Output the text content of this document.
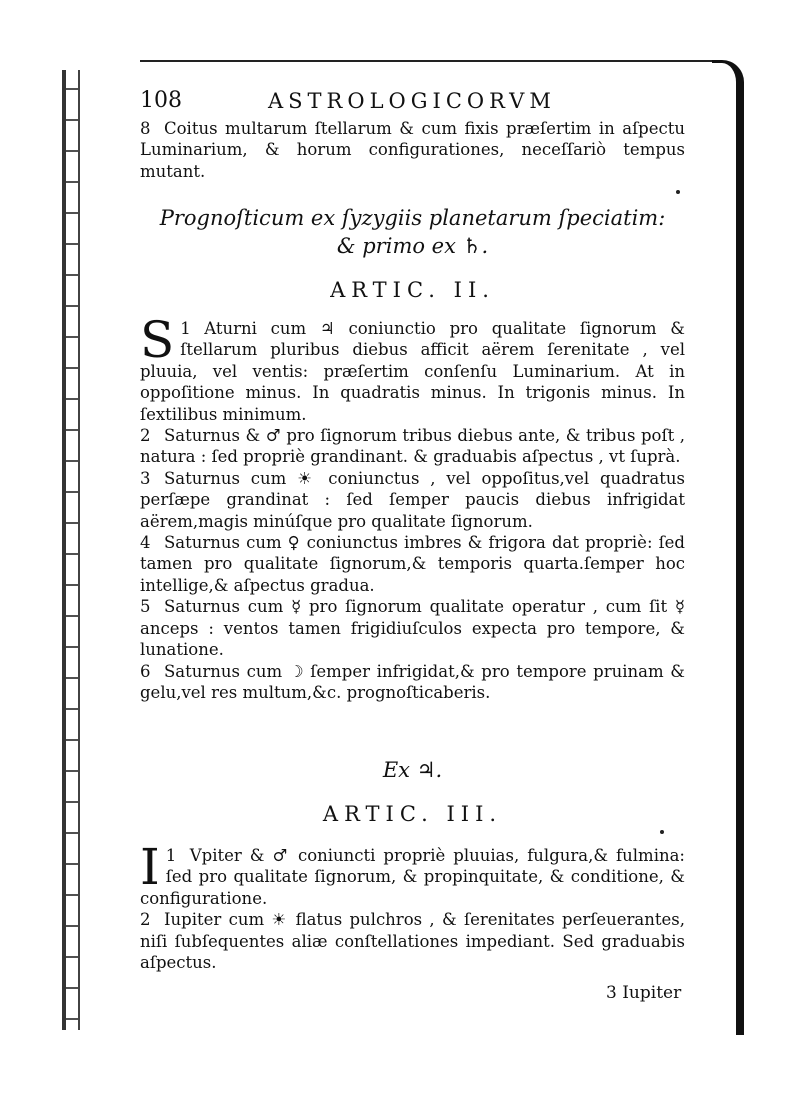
108	ASTROLOGICORVM
8 Coitus multarum ſtellarum & cum fixis præſertim in aſpectu Luminarium, & horum configurationes, neceſſariò tempus mutant.
Prognoſticum ex ſyzygiis planetarum ſpeciatim:
& primo ex ♄.
ARTIC. II.
1
S Aturni cum ♃ coniunctio pro qualitate ſignorum & ſtellarum pluribus diebus afficit aërem ſerenitate , vel pluuia, vel ventis: præſertim conſenſu Luminarium. At in oppoſitione minus. In quadratis minus. In trigonis minus. In ſextilibus minimum.
2 Saturnus & ♂ pro ſignorum tribus diebus ante, & tribus poſt , natura : ſed propriè grandinant. & graduabis aſpectus , vt ſuprà.
3 Saturnus cum ☀ coniunctus , vel oppoſitus,vel quadratus perſæpe grandinat : ſed ſemper paucis diebus infrigidat aërem,magis minúſque pro qualitate ſignorum.
4 Saturnus cum ♀ coniunctus imbres & frigora dat propriè: ſed tamen pro qualitate ſignorum,& temporis quarta.ſemper hoc intellige,& aſpectus gradua.
5 Saturnus cum ☿ pro ſignorum qualitate operatur , cum ſit ☿ anceps : ventos tamen frigidiuſculos expecta pro tempore, & lunatione.
6 Saturnus cum ☽ ſemper infrigidat,& pro tempore pruinam & gelu,vel res multum,&c. prognoſticaberis.
Ex ♃.
ARTIC. III.
1
I Vpiter & ♂ coniuncti propriè pluuias, fulgura,& fulmina: ſed pro qualitate ſignorum, & propinquitate, & conditione, & configuratione.
2 Iupiter cum ☀ flatus pulchros , & ſerenitates perſeuerantes, niſi ſubſequentes aliæ conſtellationes impediant. Sed graduabis aſpectus.
3 Iupiter
